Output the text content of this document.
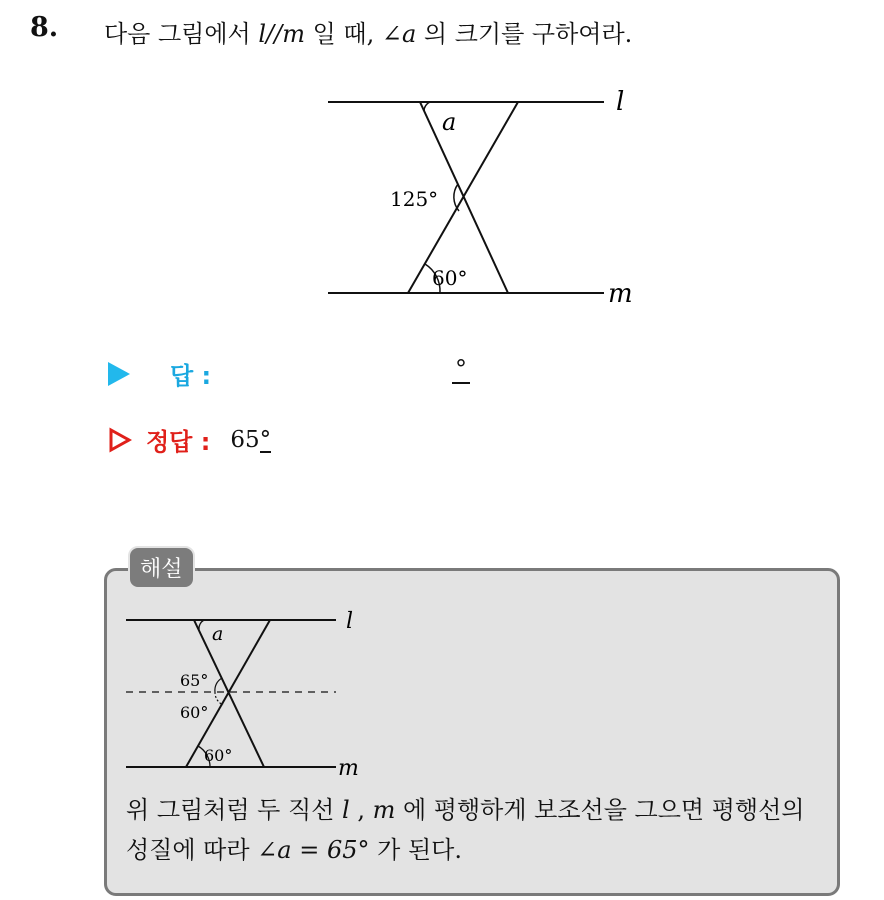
8. 다음 그림에서 l//m 일 때, ∠a 의 크기를 구하여라.
l
m
a
125°
60°
답 :	°
정답 : 65°
해설
l
m
a
65°
60°
60°
위 그림처럼 두 직선 l , m 에 평행하게 보조선을 그으면 평행선의
성질에 따라 ∠a = 65° 가 된다.
